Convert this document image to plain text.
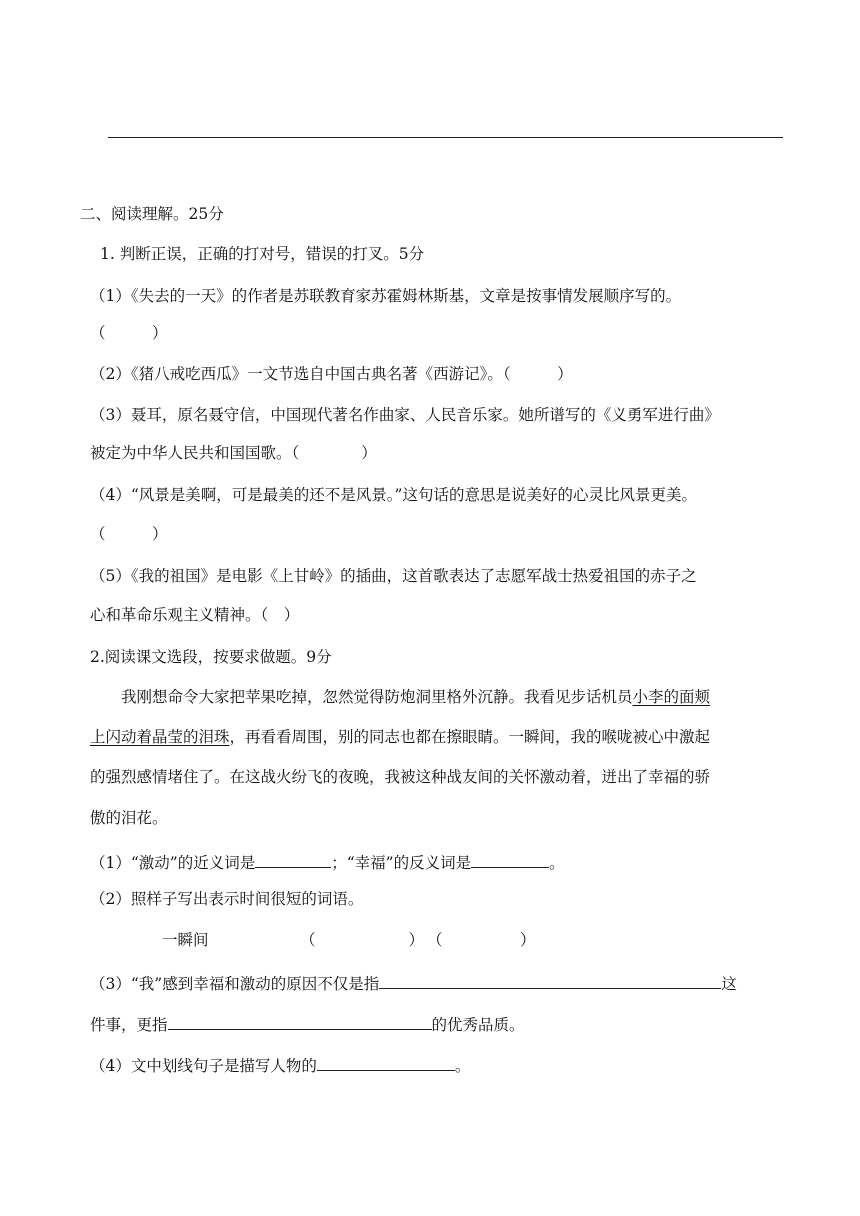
二、阅读理解。25分
1. 判断正误，正确的打对号，错误的打叉。5分
（1）《失去的一天》的作者是苏联教育家苏霍姆林斯基，文章是按事情发展顺序写的。
（　　　）
（2）《猪八戒吃西瓜》一文节选自中国古典名著《西游记》。（　　　）
（3）聂耳，原名聂守信，中国现代著名作曲家、人民音乐家。她所谱写的《义勇军进行曲》
被定为中华人民共和国国歌。（　　　　）
（4）“风景是美啊，可是最美的还不是风景。”这句话的意思是说美好的心灵比风景更美。
（　　　）
（5）《我的祖国》是电影《上甘岭》的插曲，这首歌表达了志愿军战士热爱祖国的赤子之
心和革命乐观主义精神。（　）
2.阅读课文选段，按要求做题。9分
我刚想命令大家把苹果吃掉，忽然觉得防炮洞里格外沉静。我看见步话机员小李的面颊
上闪动着晶莹的泪珠，再看看周围，别的同志也都在擦眼睛。一瞬间，我的喉咙被心中激起
的强烈感情堵住了。在这战火纷飞的夜晚，我被这种战友间的关怀激动着，迸出了幸福的骄
傲的泪花。
（1）“激动”的近义词是	；“幸福”的反义词是	。
（2）照样子写出表示时间很短的词语。
一瞬间	（　　　　　　） （　　　　　）
（3）“我”感到幸福和激动的原因不仅是指	这
件事，更指	的优秀品质。
（4）文中划线句子是描写人物的	。
